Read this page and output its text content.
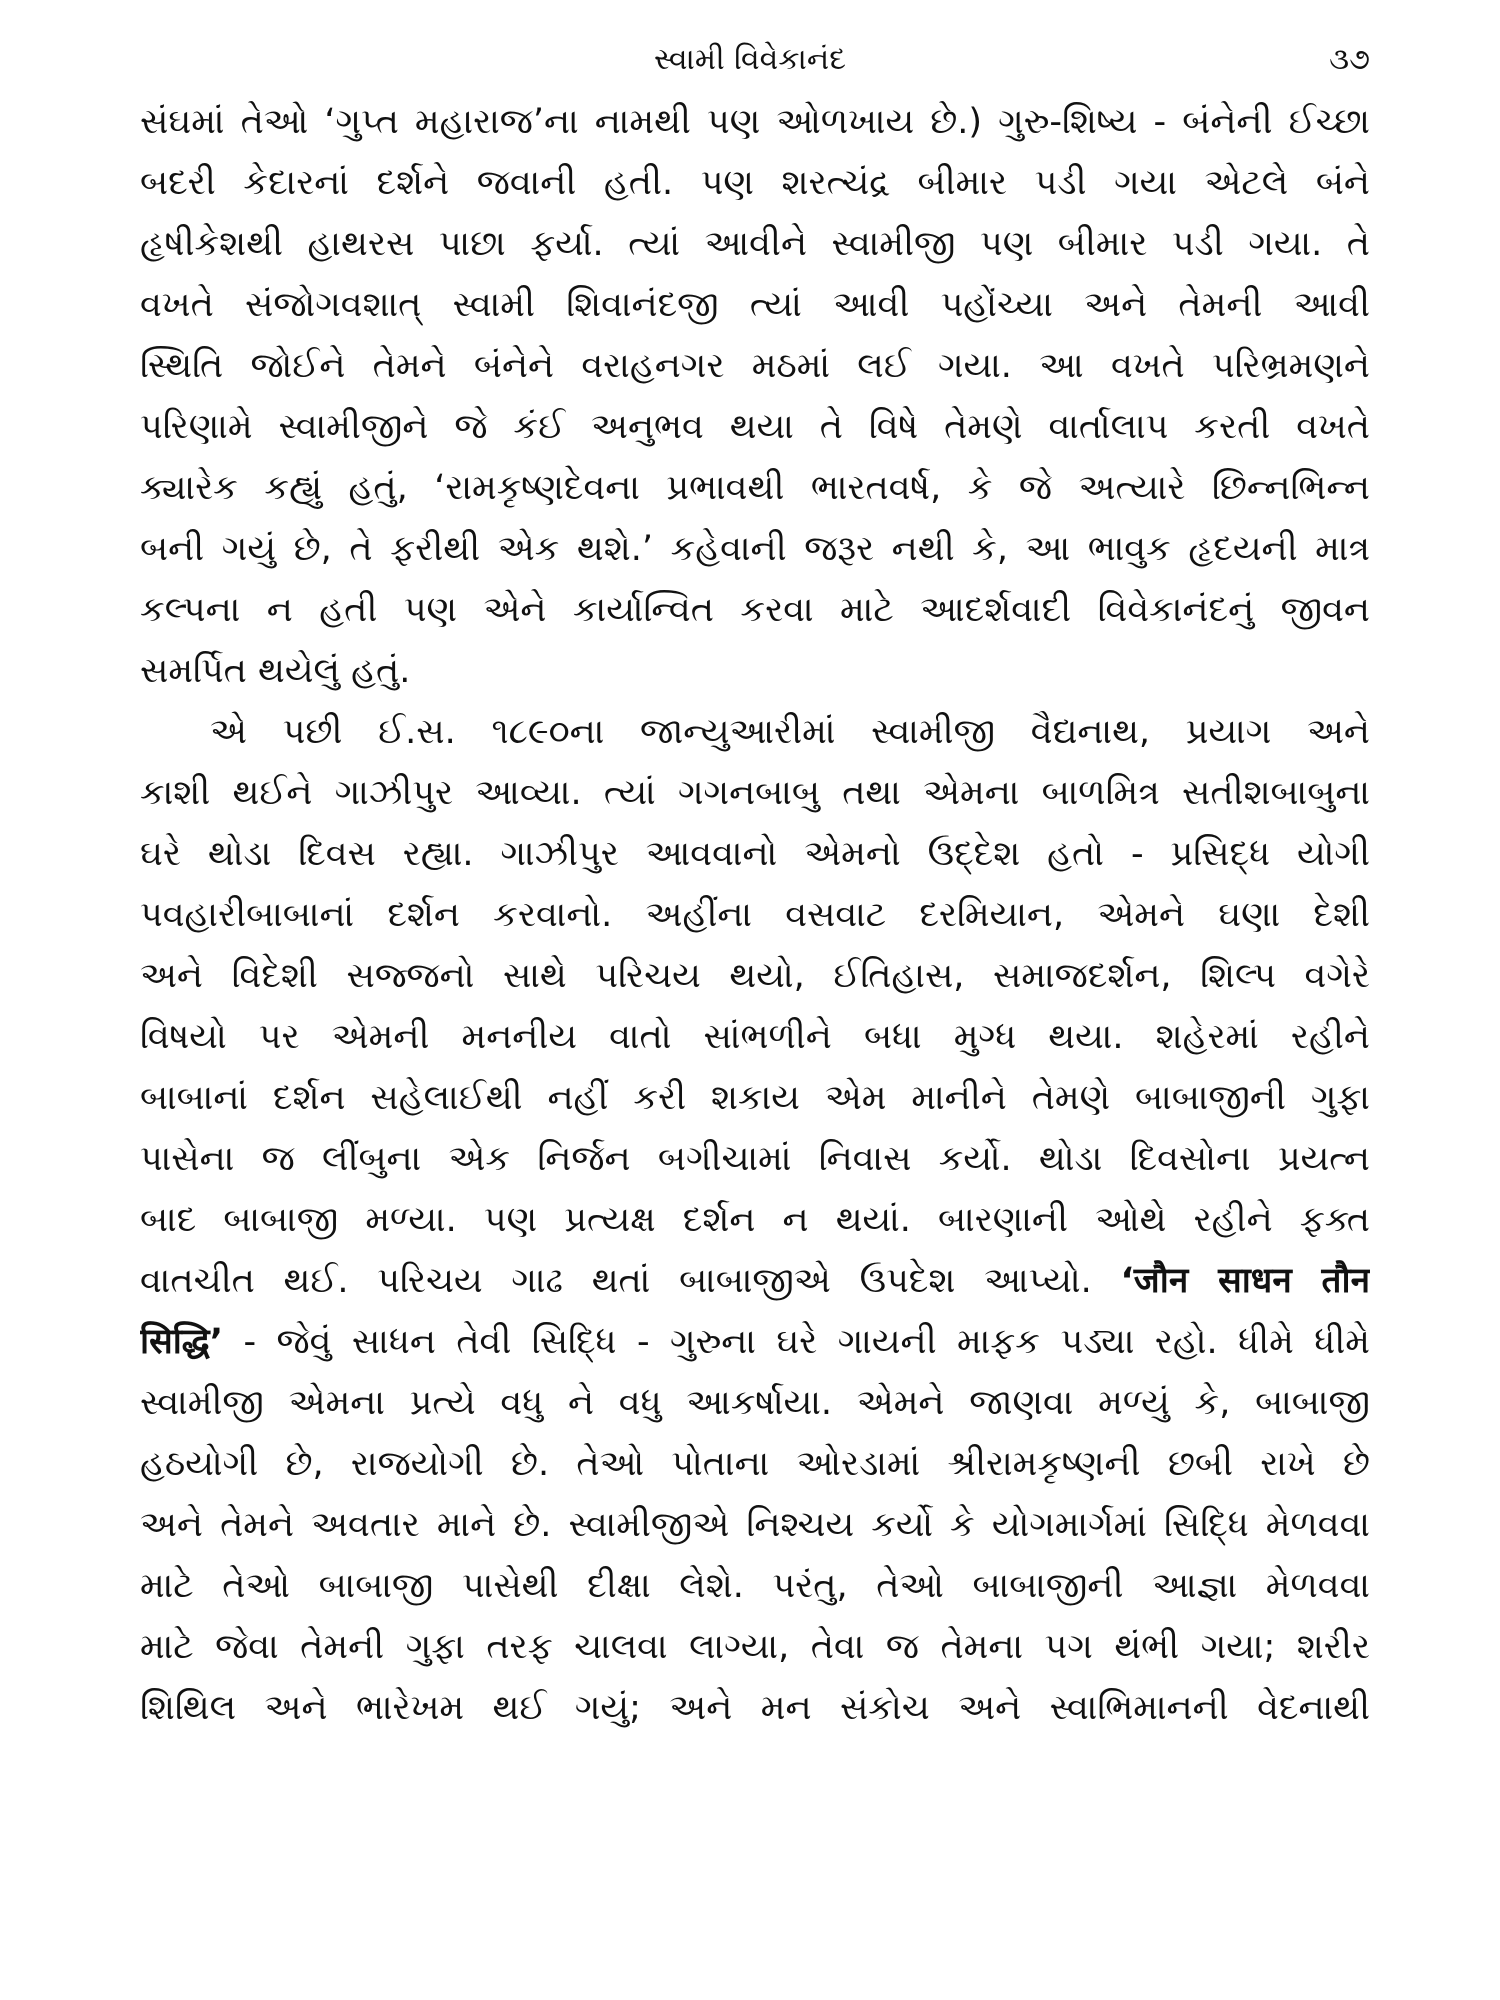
સ્વામી વિવેકાનંદ	૩૭
સંઘમાં તેઓ ‘ગુપ્ત મહારાજ’ના નામથી પણ ઓળખાય છે.) ગુરુ-શિષ્ય - બંનેની ઈચ્છા
બદરી કેદારનાં દર્શને જવાની હતી. પણ શરત્ચંદ્ર બીમાર પડી ગયા એટલે બંને
હૃષીકેશથી હાથરસ પાછા ફર્યા. ત્યાં આવીને સ્વામીજી પણ બીમાર પડી ગયા. તે
વખતે સંજોગવશાત્ સ્વામી શિવાનંદજી ત્યાં આવી પહોંચ્યા અને તેમની આવી
સ્થિતિ જોઈને તેમને બંનેને વરાહનગર મઠમાં લઈ ગયા. આ વખતે પરિભ્રમણને
પરિણામે સ્વામીજીને જે કંઈ અનુભવ થયા તે વિષે તેમણે વાર્તાલાપ કરતી વખતે
ક્યારેક કહ્યું હતું, ‘રામકૃષ્ણદેવના પ્રભાવથી ભારતવર્ષ, કે જે અત્યારે છિન્નભિન્ન
બની ગયું છે, તે ફરીથી એક થશે.’ કહેવાની જરૂર નથી કે, આ ભાવુક હૃદયની માત્ર
કલ્પના ન હતી પણ એને કાર્યાન્વિત કરવા માટે આદર્શવાદી વિવેકાનંદનું જીવન
સમર્પિત થયેલું હતું.
એ પછી ઈ.સ. ૧૮૯૦ના જાન્યુઆરીમાં સ્વામીજી વૈદ્યનાથ, પ્રયાગ અને
કાશી થઈને ગાઝીપુર આવ્યા. ત્યાં ગગનબાબુ તથા એમના બાળમિત્ર સતીશબાબુના
ઘરે થોડા દિવસ રહ્યા. ગાઝીપુર આવવાનો એમનો ઉદ્દેશ હતો - પ્રસિદ્ધ યોગી
પવહારીબાબાનાં દર્શન કરવાનો. અહીંના વસવાટ દરમિયાન, એમને ઘણા દેશી
અને વિદેશી સજ્જનો સાથે પરિચય થયો, ઈતિહાસ, સમાજદર્શન, શિલ્પ વગેરે
વિષયો પર એમની મનનીય વાતો સાંભળીને બધા મુગ્ધ થયા. શહેરમાં રહીને
બાબાનાં દર્શન સહેલાઈથી નહીં કરી શકાય એમ માનીને તેમણે બાબાજીની ગુફા
પાસેના જ લીંબુના એક નિર્જન બગીચામાં નિવાસ કર્યો. થોડા દિવસોના પ્રયત્ન
બાદ બાબાજી મળ્યા. પણ પ્રત્યક્ષ દર્શન ન થયાં. બારણાની ઓથે રહીને ફક્ત
વાતચીત થઈ. પરિચય ગાઢ થતાં બાબાજીએ ઉપદેશ આપ્યો. ‘जौन साधन तौन
सिद्धि’ - જેવું સાધન તેવી સિદ્ધિ - ગુરુના ઘરે ગાયની માફક પડ્યા રહો. ધીમે ધીમે
સ્વામીજી એમના પ્રત્યે વધુ ને વધુ આકર્ષાયા. એમને જાણવા મળ્યું કે, બાબાજી
હઠયોગી છે, રાજયોગી છે. તેઓ પોતાના ઓરડામાં શ્રીરામકૃષ્ણની છબી રાખે છે
અને તેમને અવતાર માને છે. સ્વામીજીએ નિશ્ચય કર્યો કે યોગમાર્ગમાં સિદ્ધિ મેળવવા
માટે તેઓ બાબાજી પાસેથી દીક્ષા લેશે. પરંતુ, તેઓ બાબાજીની આજ્ઞા મેળવવા
માટે જેવા તેમની ગુફા તરફ ચાલવા લાગ્યા, તેવા જ તેમના પગ થંભી ગયા; શરીર
શિથિલ અને ભારેખમ થઈ ગયું; અને મન સંકોચ અને સ્વાભિમાનની વેદનાથી
